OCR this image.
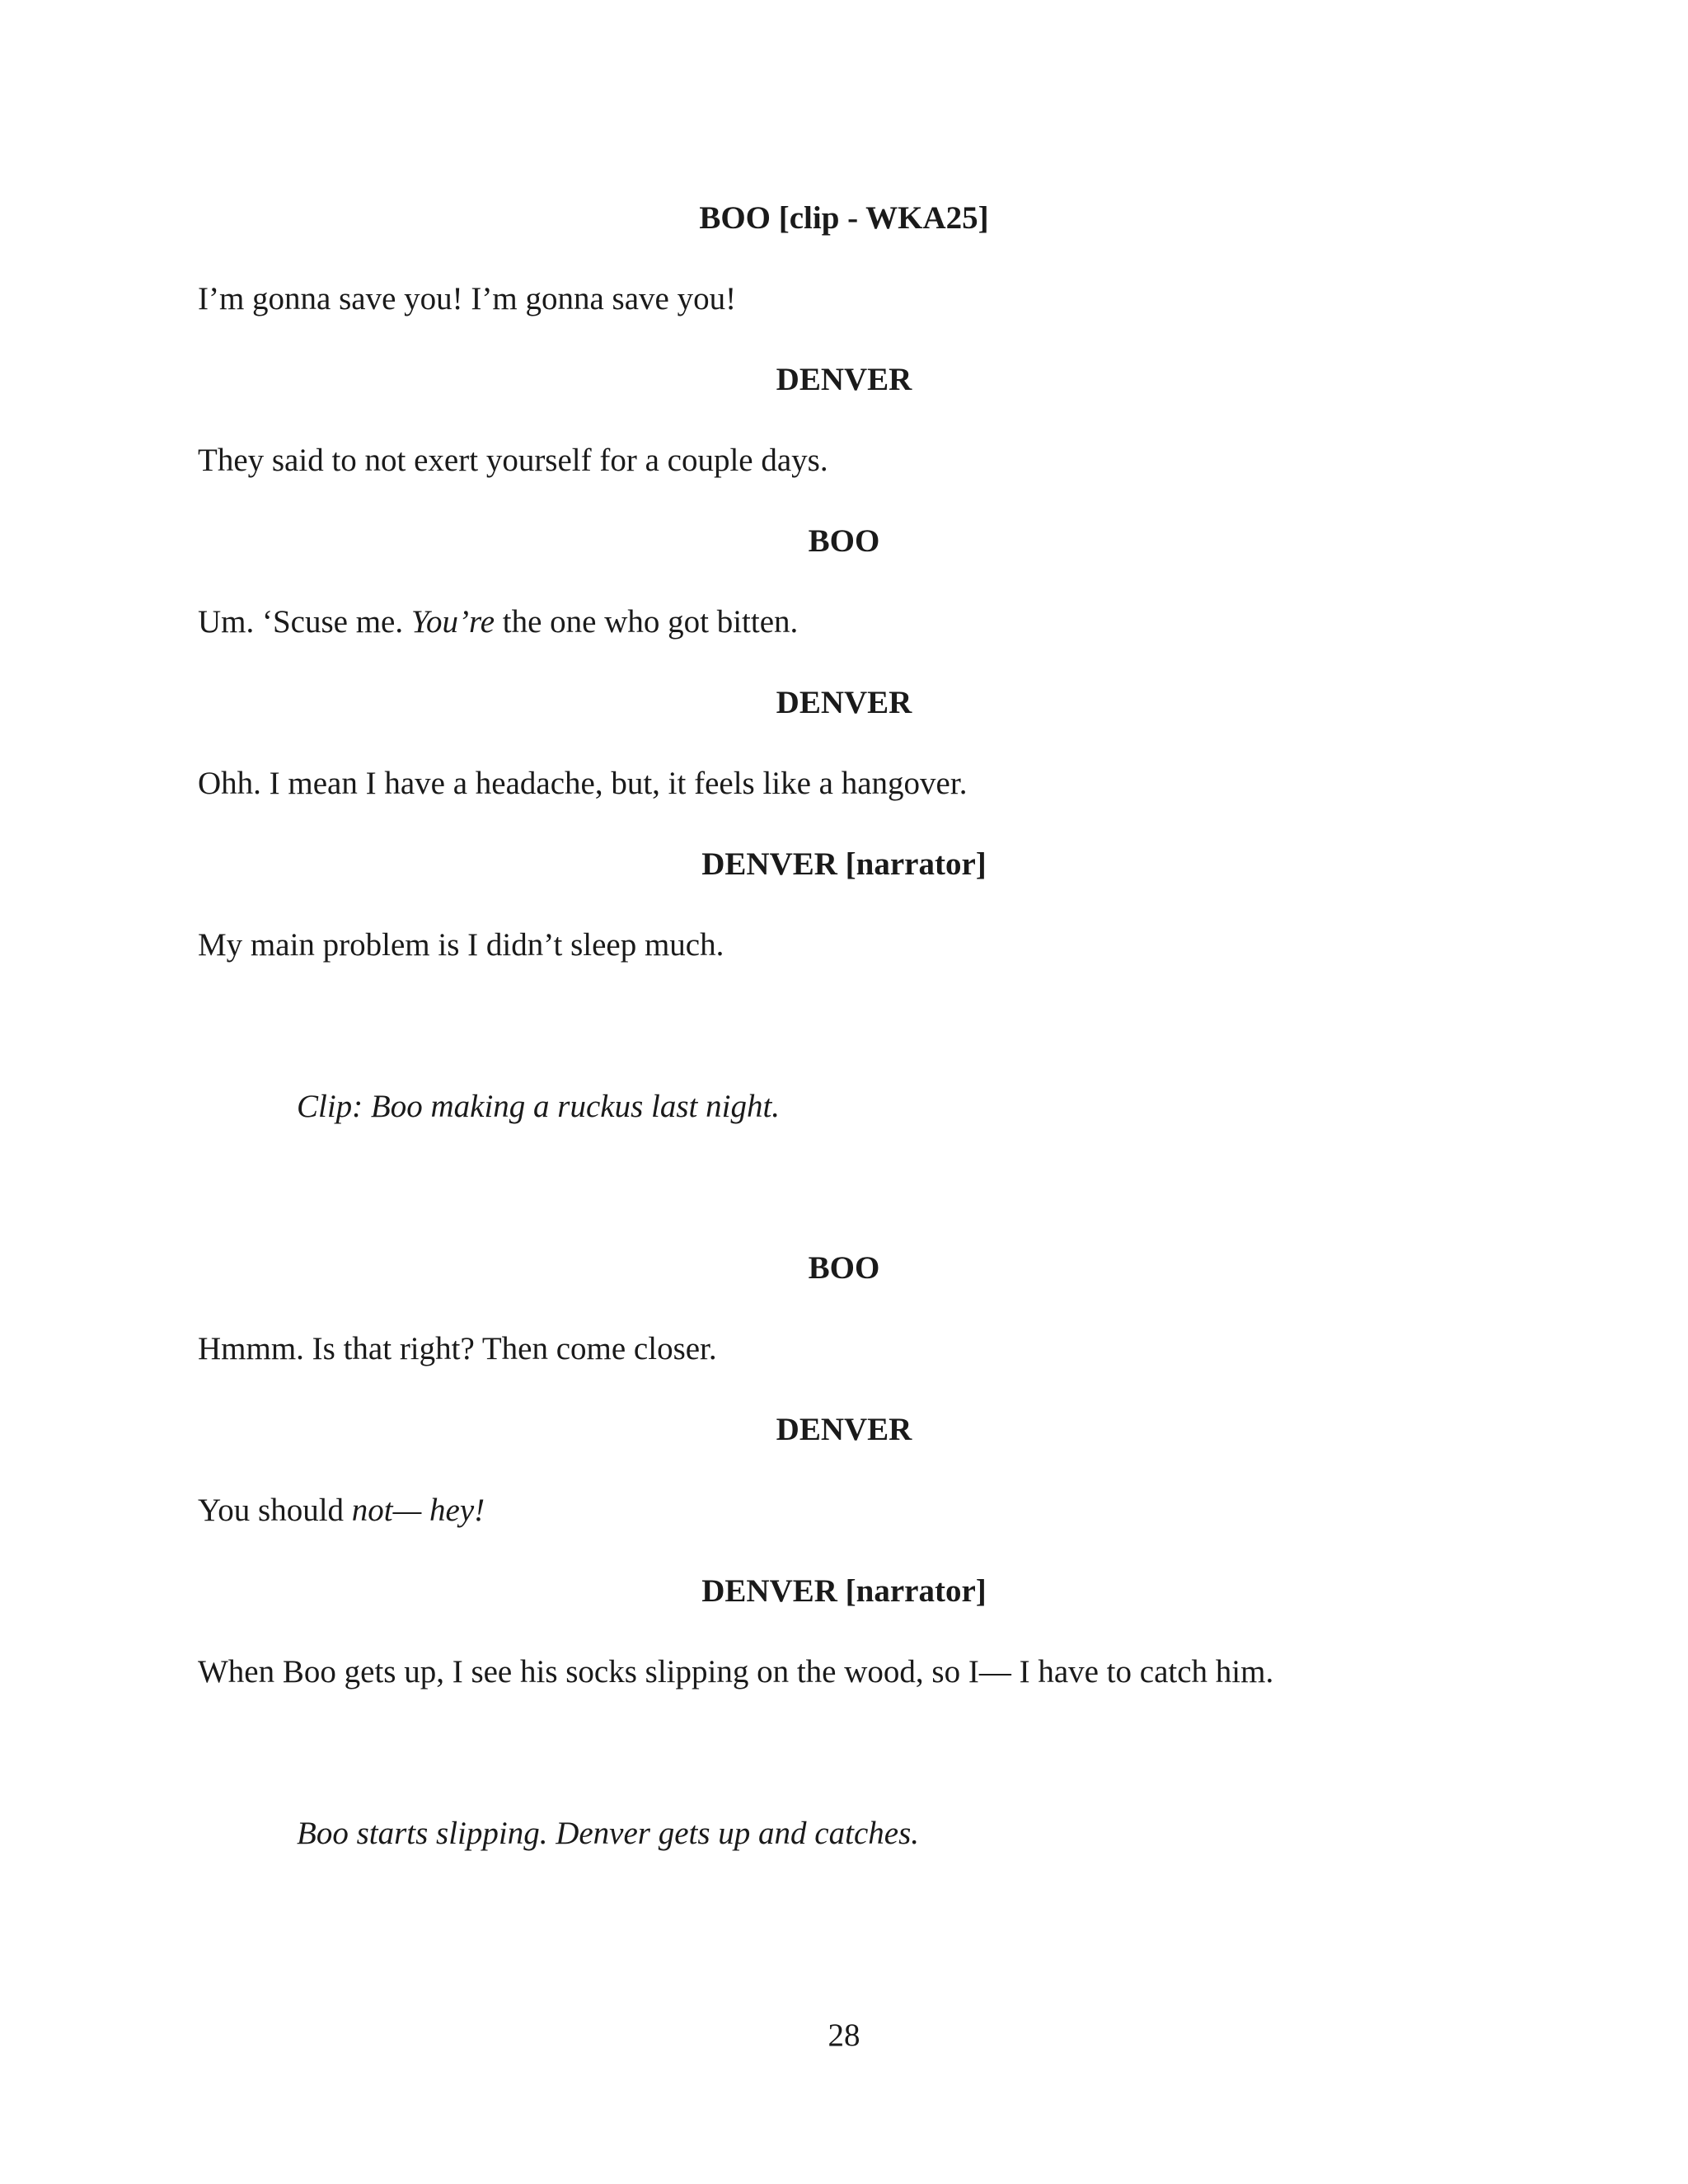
BOO [clip - WKA25]
I’m gonna save you! I’m gonna save you!
DENVER
They said to not exert yourself for a couple days.
BOO
Um. ‘Scuse me. You’re the one who got bitten.
DENVER
Ohh. I mean I have a headache, but, it feels like a hangover.
DENVER [narrator]
My main problem is I didn’t sleep much.
Clip: Boo making a ruckus last night.
BOO
Hmmm. Is that right? Then come closer.
DENVER
You should not— hey!
DENVER [narrator]
When Boo gets up, I see his socks slipping on the wood, so I— I have to catch him.
Boo starts slipping. Denver gets up and catches.
28
